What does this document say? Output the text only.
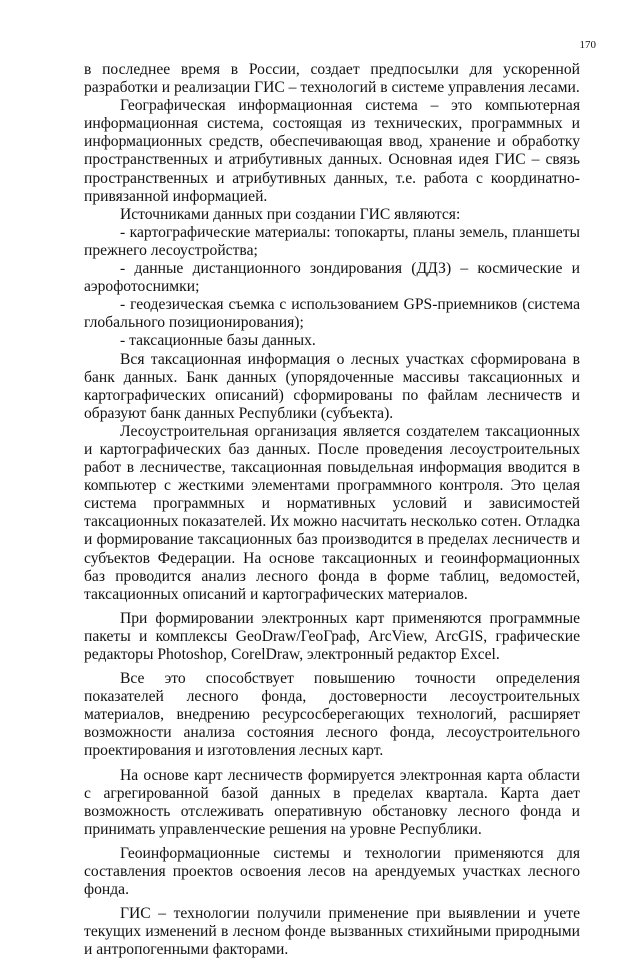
170

в последнее время в России, создает предпосылки для ускоренной разработки и реализации ГИС – технологий в системе управления лесами.

Географическая информационная система – это компьютерная информационная система, состоящая из технических, программных и информационных средств, обеспечивающая ввод, хранение и обработку пространственных и атрибутивных данных. Основная идея ГИС – связь пространственных и атрибутивных данных, т.е. работа с координатно-привязанной информацией.

Источниками данных при создании ГИС являются:

- картографические материалы: топокарты, планы земель, планшеты прежнего лесоустройства;

- данные дистанционного зондирования (ДДЗ) – космические и аэрофотоснимки;

- геодезическая съемка с использованием GPS-приемников (система глобального позиционирования);

- таксационные базы данных.

Вся таксационная информация о лесных участках сформирована в банк данных. Банк данных (упорядоченные массивы таксационных и картографических описаний) сформированы по файлам лесничеств и образуют банк данных Республики (субъекта).

Лесоустроительная организация является создателем таксационных и картографических баз данных. После проведения лесоустроительных работ в лесничестве, таксационная повыдельная информация вводится в компьютер с жесткими элементами программного контроля. Это целая система программных и нормативных условий и зависимостей таксационных показателей. Их можно насчитать несколько сотен. Отладка и формирование таксационных баз производится в пределах лесничеств и субъектов Федерации. На основе таксационных и геоинформационных баз проводится анализ лесного фонда в форме таблиц, ведомостей, таксационных описаний и картографических материалов.

При формировании электронных карт применяются программные пакеты и комплексы GeoDraw/ГеоГраф, ArcView, ArcGIS, графические редакторы Photoshop, CorelDraw, электронный редактор Excel.

Все это способствует повышению точности определения показателей лесного фонда, достоверности лесоустроительных материалов, внедрению ресурсосберегающих технологий, расширяет возможности анализа состояния лесного фонда, лесоустроительного проектирования и изготовления лесных карт.

На основе карт лесничеств формируется электронная карта области с агрегированной базой данных в пределах квартала. Карта дает возможность отслеживать оперативную обстановку лесного фонда и принимать управленческие решения на уровне Республики.

Геоинформационные системы и технологии применяются для составления проектов освоения лесов на арендуемых участках лесного фонда.

ГИС – технологии получили применение при выявлении и учете текущих изменений в лесном фонде вызванных стихийными природными и антропогенными факторами.
